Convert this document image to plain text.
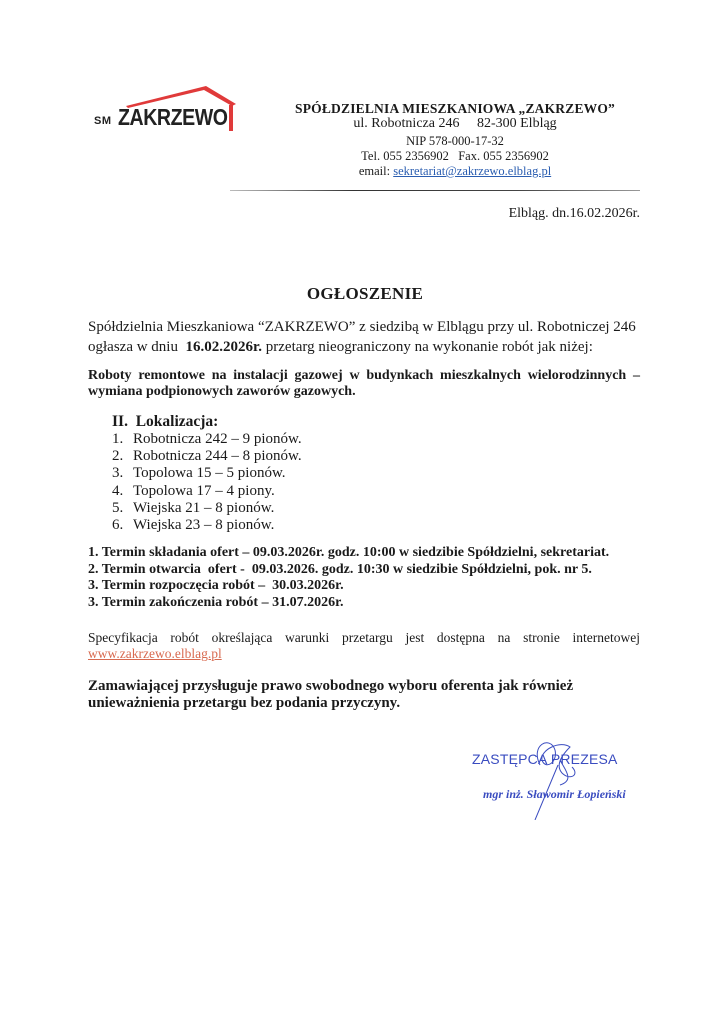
SM ZAKRZEWO	SPÓŁDZIELNIA MIESZKANIOWA „ZAKRZEWO”
ul. Robotnicza 246     82-300 Elbląg
NIP 578-000-17-32
Tel. 055 2356902   Fax. 055 2356902
email: sekretariat@zakrzewo.elblag.pl
Elbląg. dn.16.02.2026r.
OGŁOSZENIE
Spółdzielnia Mieszkaniowa “ZAKRZEWO” z siedzibą w Elblągu przy ul. Robotniczej 246
ogłasza w dniu  16.02.2026r. przetarg nieograniczony na wykonanie robót jak niżej:
Roboty remontowe na instalacji gazowej w budynkach mieszkalnych wielorodzinnych –
wymiana podpionowych zaworów gazowych.
II.  Lokalizacja:
1. Robotnicza 242 – 9 pionów.
2. Robotnicza 244 – 8 pionów.
3. Topolowa 15 – 5 pionów.
4. Topolowa 17 – 4 piony.
5. Wiejska 21 – 8 pionów.
6. Wiejska 23 – 8 pionów.
1. Termin składania ofert – 09.03.2026r. godz. 10:00 w siedzibie Spółdzielni, sekretariat.
2. Termin otwarcia  ofert -  09.03.2026. godz. 10:30 w siedzibie Spółdzielni, pok. nr 5.
3. Termin rozpoczęcia robót –  30.03.2026r.
3. Termin zakończenia robót – 31.07.2026r.
Specyfikacja robót określająca warunki przetargu jest dostępna na stronie internetowej
www.zakrzewo.elblag.pl
Zamawiającej przysługuje prawo swobodnego wyboru oferenta jak również
unieważnienia przetargu bez podania przyczyny.
ZASTĘPCA PREZESA
mgr inż. Sławomir Łopieński
